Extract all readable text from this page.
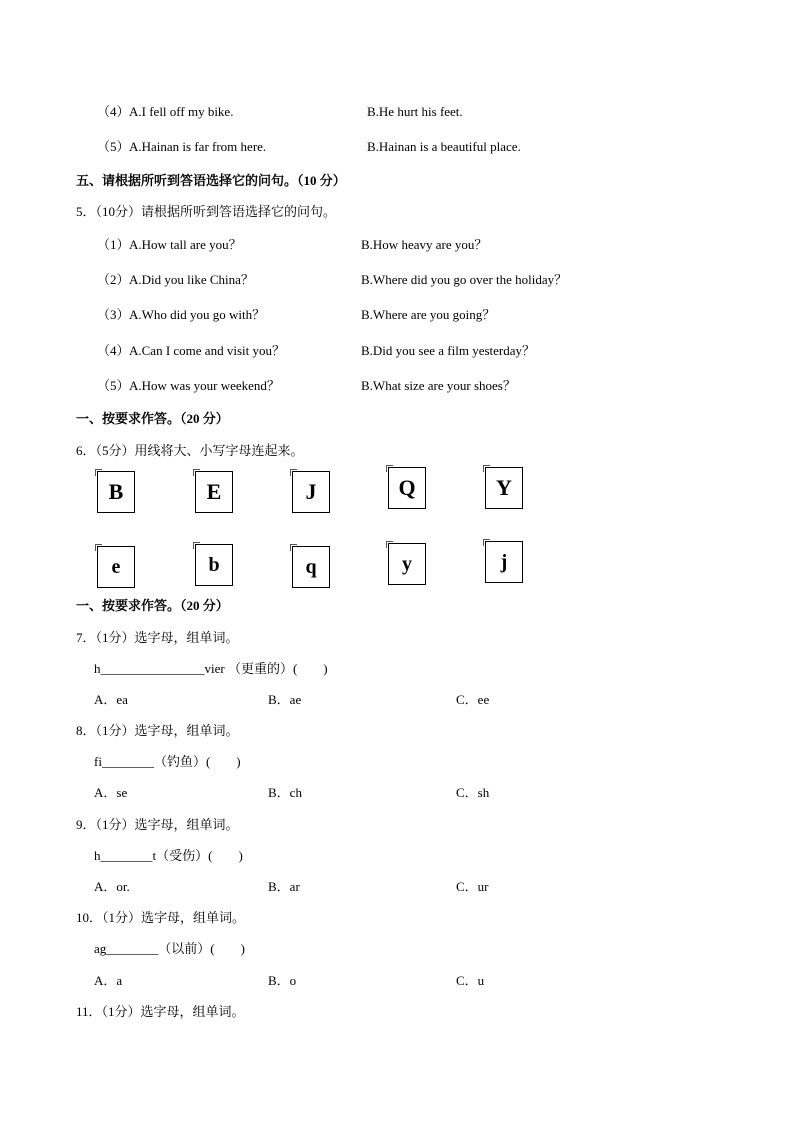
（4） A.I fell off my bike.	B.He hurt his feet.
（5） A.Hainan is far from here.	B.Hainan is a beautiful place.
五、请根据所听到答语选择它的问句。（10 分）
5．（10分）请根据所听到答语选择它的问句。
（1） A.How tall are you？	B.How heavy are you？
（2） A.Did you like China？	B.Where did you go over the holiday？
（3） A.Who did you go with？	B.Where are you going？
（4） A.Can I come and visit you？	B.Did you see a film yesterday？
（5） A.How was your weekend？	B.What size are your shoes？
一、按要求作答。（20 分）
6．（5分）用线将大、小写字母连起来。
B	E	J	Q	Y
e	b	q	y	j
一、按要求作答。（20 分）
7．（1分）选字母，组单词。
h________________vier （更重的）(　　)
A．ea	B．ae	C．ee
8．（1分）选字母，组单词。
fi________（钓鱼）(　　)
A．se	B．ch	C．sh
9．（1分）选字母，组单词。
h________t（受伤）(　　)
A．or.	B．ar	C．ur
10．（1分）选字母，组单词。
ag________（以前）(　　)
A．a	B．o	C．u
11．（1分）选字母，组单词。
